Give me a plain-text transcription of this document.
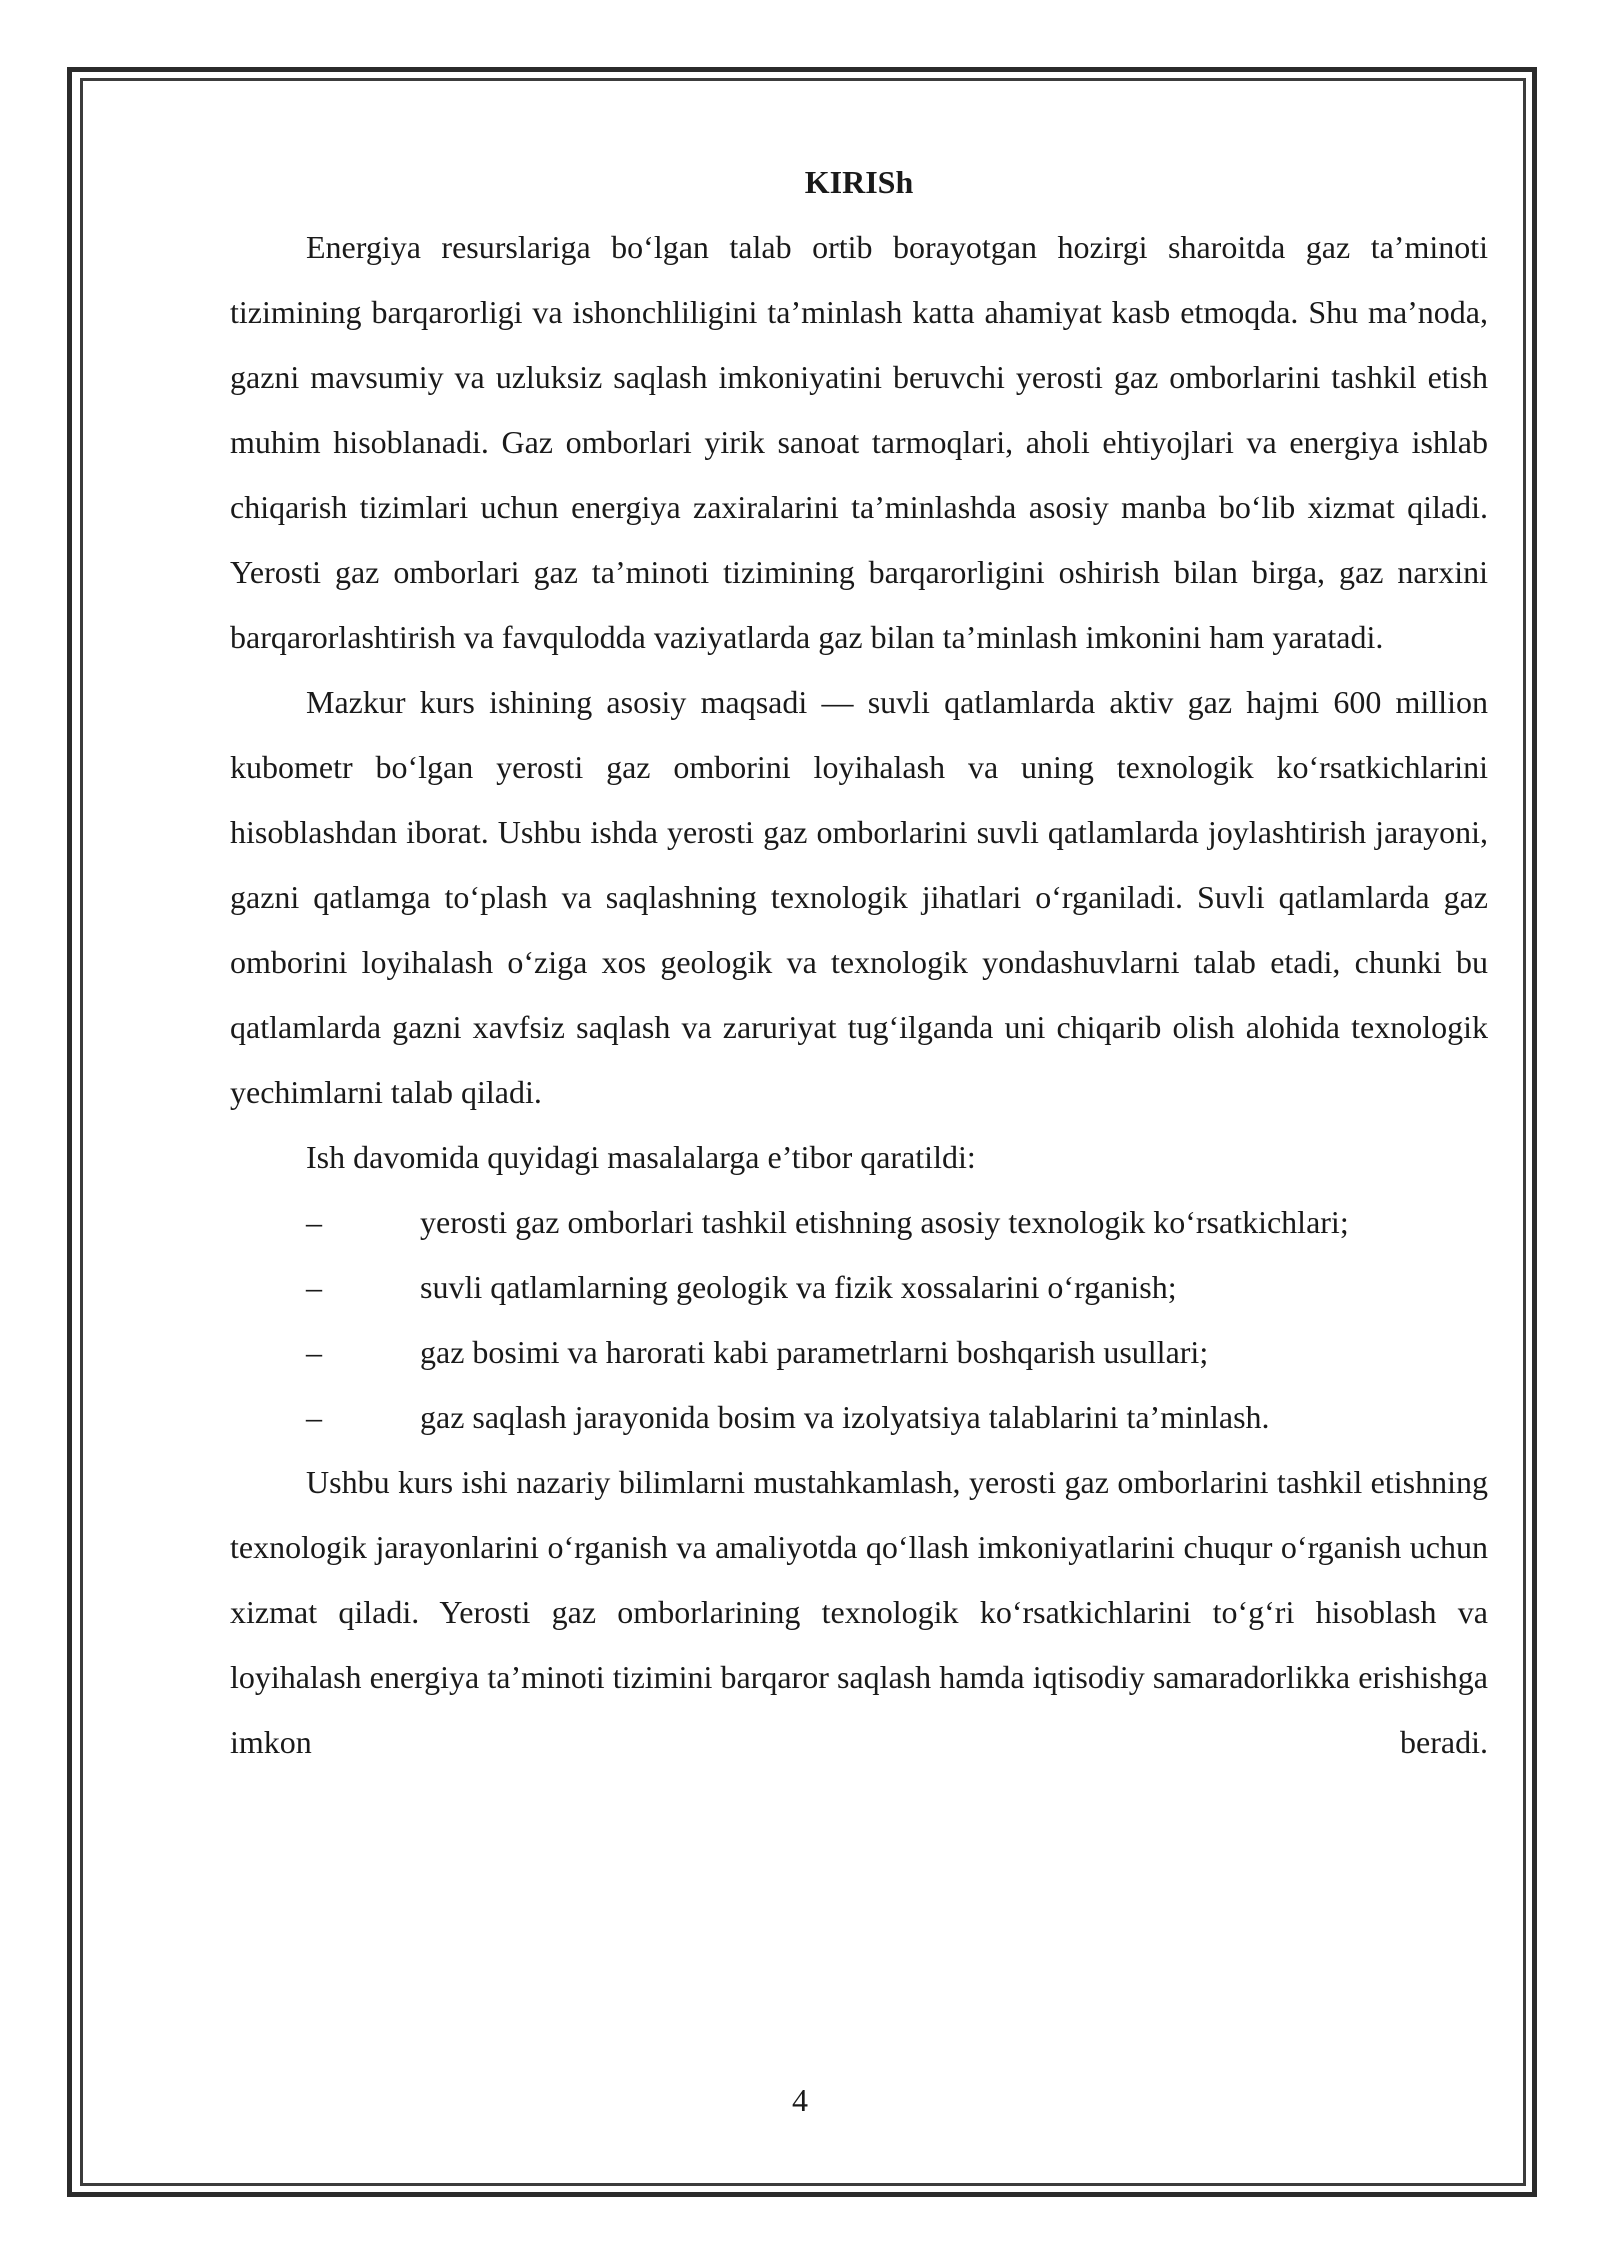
KIRISh

Energiya resurslariga bo‘lgan talab ortib borayotgan hozirgi sharoitda gaz ta’minoti tizimining barqarorligi va ishonchliligini ta’minlash katta ahamiyat kasb etmoqda. Shu ma’noda, gazni mavsumiy va uzluksiz saqlash imkoniyatini beruvchi yerosti gaz omborlarini tashkil etish muhim hisoblanadi. Gaz omborlari yirik sanoat tarmoqlari, aholi ehtiyojlari va energiya ishlab chiqarish tizimlari uchun energiya zaxiralarini ta’minlashda asosiy manba bo‘lib xizmat qiladi. Yerosti gaz omborlari gaz ta’minoti tizimining barqarorligini oshirish bilan birga, gaz narxini barqarorlashtirish va favqulodda vaziyatlarda gaz bilan ta’minlash imkonini ham yaratadi.

Mazkur kurs ishining asosiy maqsadi — suvli qatlamlarda aktiv gaz hajmi 600 million kubometr bo‘lgan yerosti gaz omborini loyihalash va uning texnologik ko‘rsatkichlarini hisoblashdan iborat. Ushbu ishda yerosti gaz omborlarini suvli qatlamlarda joylashtirish jarayoni, gazni qatlamga to‘plash va saqlashning texnologik jihatlari o‘rganiladi. Suvli qatlamlarda gaz omborini loyihalash o‘ziga xos geologik va texnologik yondashuvlarni talab etadi, chunki bu qatlamlarda gazni xavfsiz saqlash va zaruriyat tug‘ilganda uni chiqarib olish alohida texnologik yechimlarni talab qiladi.

Ish davomida quyidagi masalalarga e’tibor qaratildi:

–	yerosti gaz omborlari tashkil etishning asosiy texnologik ko‘rsatkichlari;

–	suvli qatlamlarning geologik va fizik xossalarini o‘rganish;

–	gaz bosimi va harorati kabi parametrlarni boshqarish usullari;

–	gaz saqlash jarayonida bosim va izolyatsiya talablarini ta’minlash.

Ushbu kurs ishi nazariy bilimlarni mustahkamlash, yerosti gaz omborlarini tashkil etishning texnologik jarayonlarini o‘rganish va amaliyotda qo‘llash imkoniyatlarini chuqur o‘rganish uchun xizmat qiladi. Yerosti gaz omborlarining texnologik ko‘rsatkichlarini to‘g‘ri hisoblash va loyihalash energiya ta’minoti tizimini barqaror saqlash hamda iqtisodiy samaradorlikka erishishga imkon beradi.

4
